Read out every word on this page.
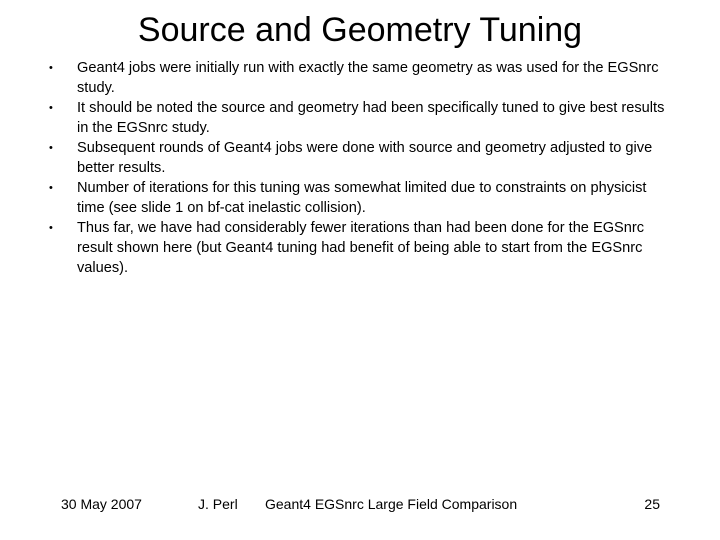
Source and Geometry Tuning
• Geant4 jobs were initially run with exactly the same geometry as was used for the EGSnrc study.
• It should be noted the source and geometry had been specifically tuned to give best results in the EGSnrc study.
• Subsequent rounds of Geant4 jobs were done with source and geometry adjusted to give better results.
• Number of iterations for this tuning was somewhat limited due to constraints on physicist time (see slide 1 on bf-cat inelastic collision).
• Thus far, we have had considerably fewer iterations than had been done for the EGSnrc result shown here (but Geant4 tuning had benefit of being able to start from the EGSnrc values).
30 May 2007	J. Perl Geant4 EGSnrc Large Field Comparison	25
